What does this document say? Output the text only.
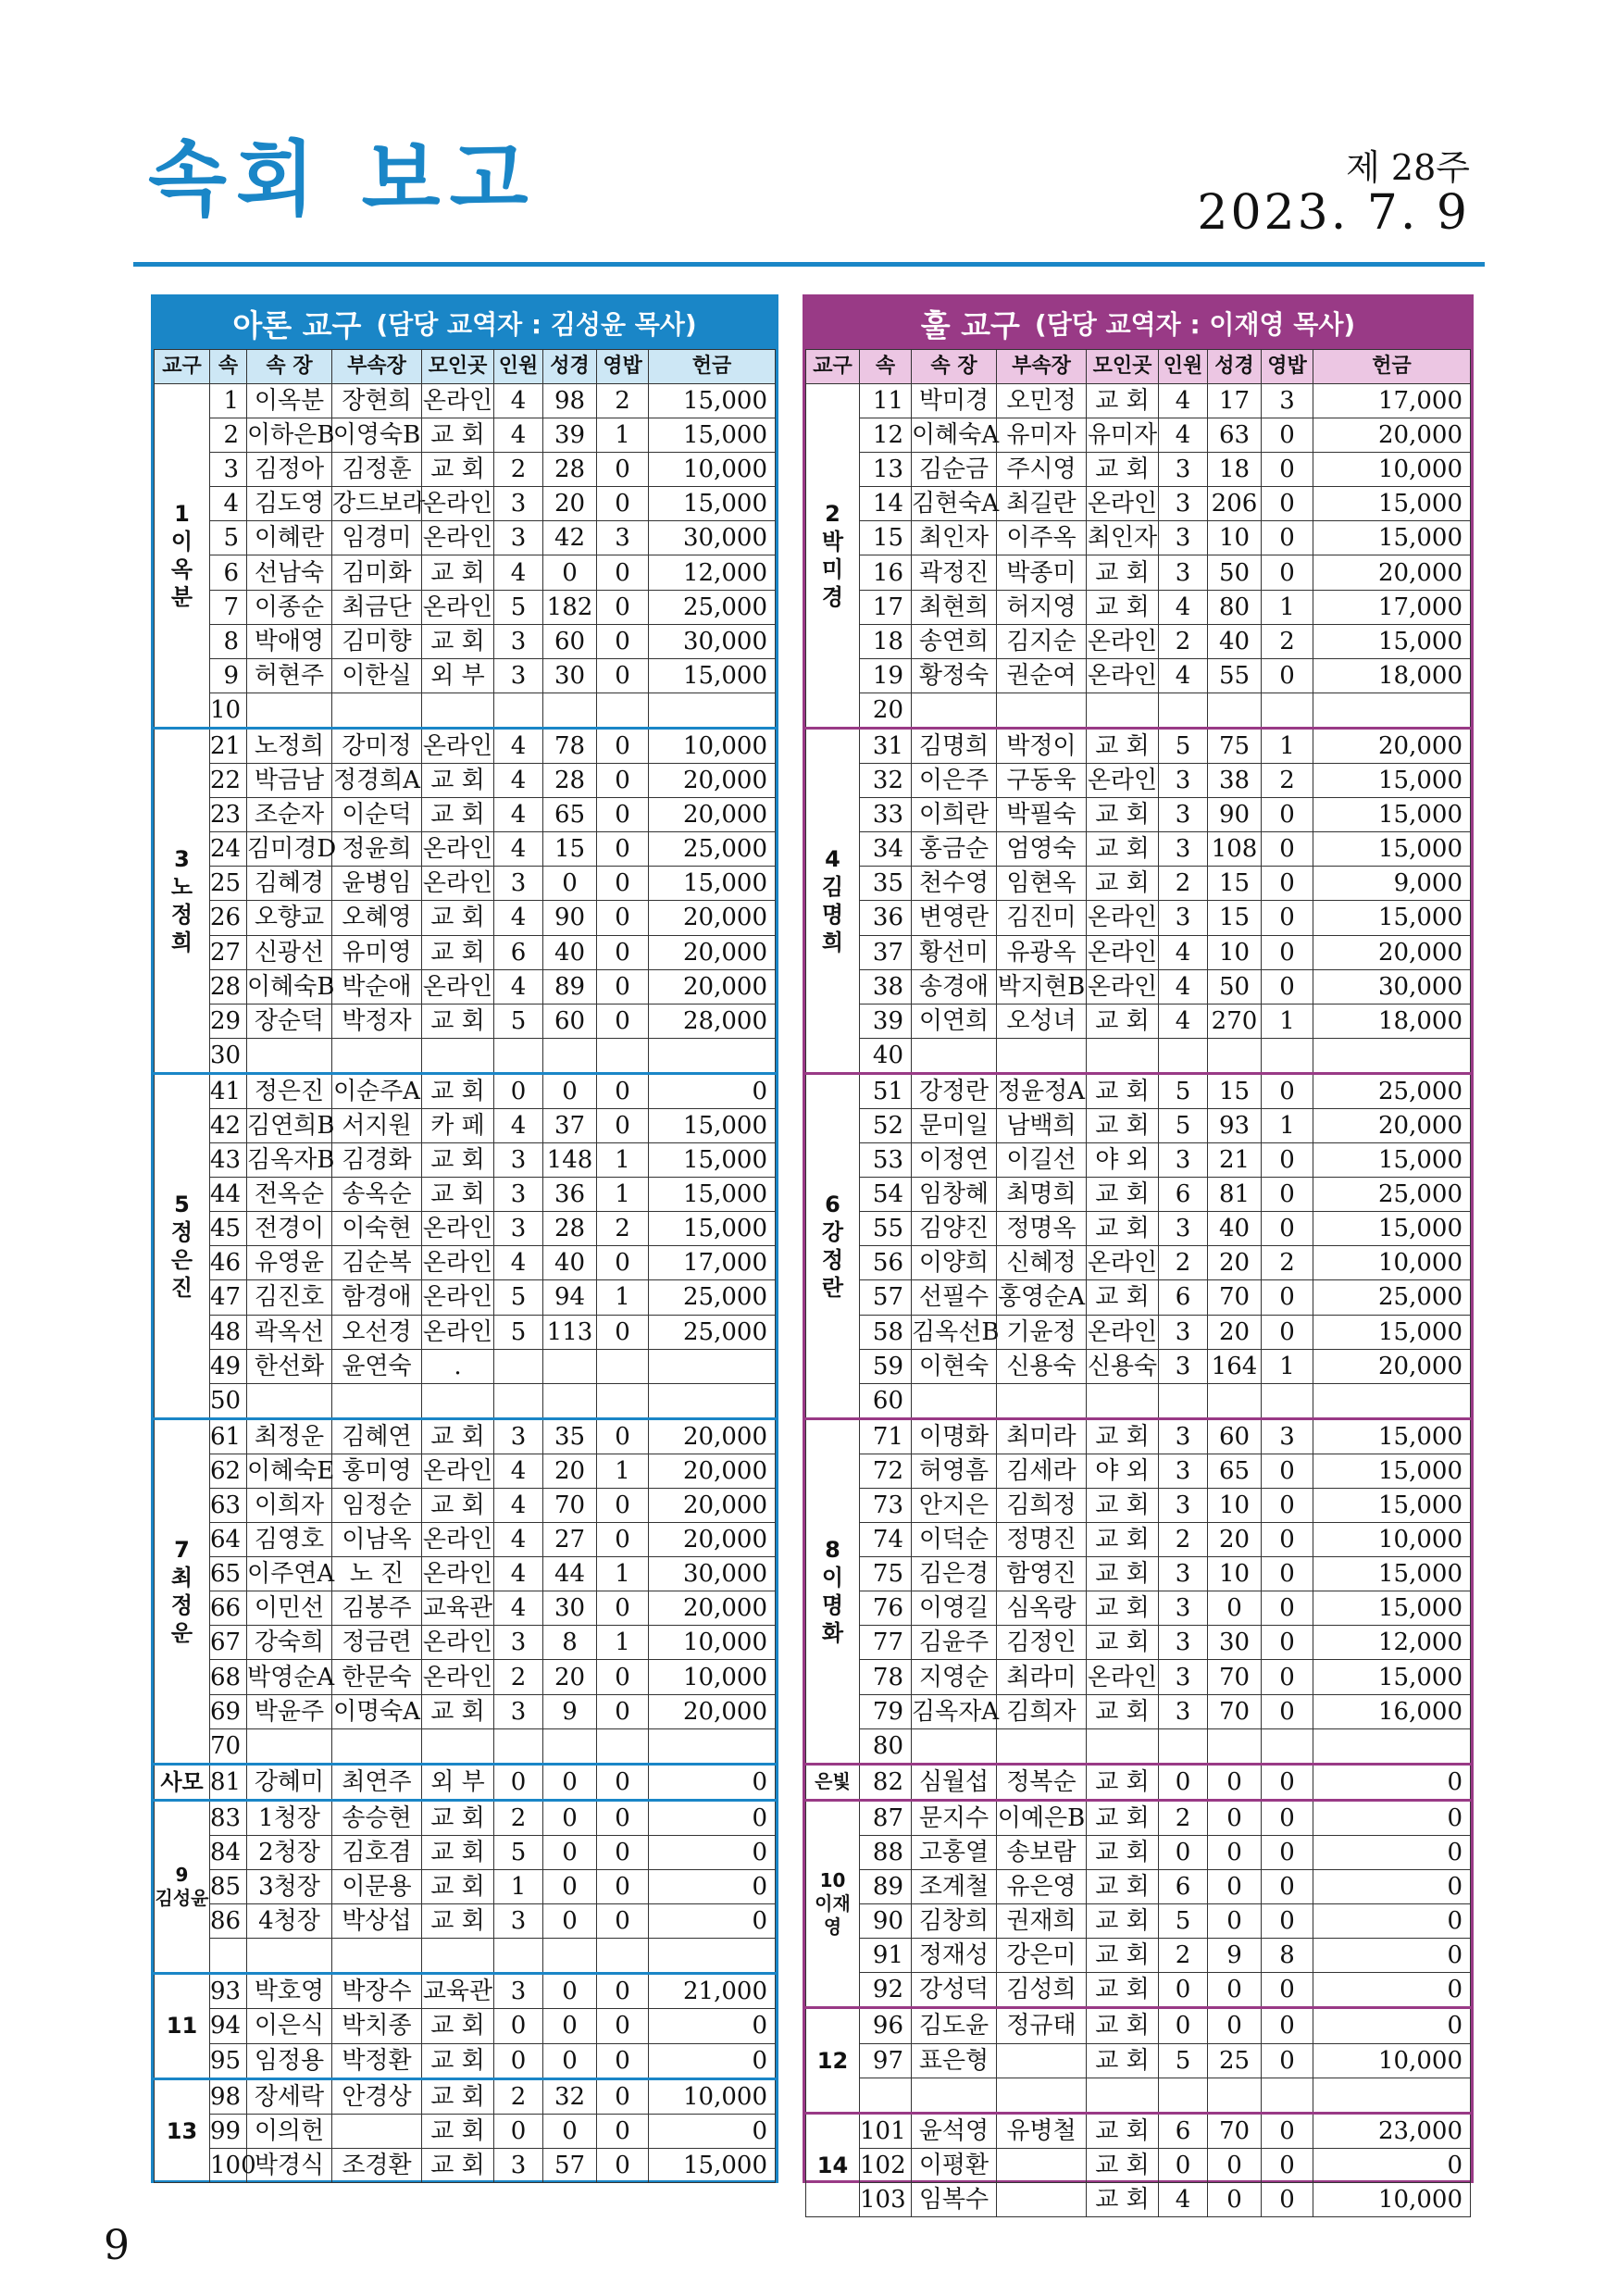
속회 보고	제 28주
2023. 7. 9
아론 교구 (담당 교역자 : 김성윤 목사)
교구	속	속 장	부속장	모인곳	인원	성경	영밥	헌금

1
이
옥
분	1	이옥분	장현희	온라인	4	98	2	15,000
	2	이하은B	이영숙B	교 회	4	39	1	15,000
	3	김정아	김정훈	교 회	2	28	0	10,000
	4	김도영	강드보라	온라인	3	20	0	15,000
	5	이혜란	임경미	온라인	3	42	3	30,000
	6	선남숙	김미화	교 회	4	0	0	12,000
	7	이종순	최금단	온라인	5	182	0	25,000
	8	박애영	김미향	교 회	3	60	0	30,000
	9	허현주	이한실	외 부	3	30	0	15,000
	10							

3
노
정
희	21	노정희	강미정	온라인	4	78	0	10,000
	22	박금남	정경희A	교 회	4	28	0	20,000
	23	조순자	이순덕	교 회	4	65	0	20,000
	24	김미경D	정윤희	온라인	4	15	0	25,000
	25	김혜경	윤병임	온라인	3	0	0	15,000
	26	오향교	오혜영	교 회	4	90	0	20,000
	27	신광선	유미영	교 회	6	40	0	20,000
	28	이혜숙B	박순애	온라인	4	89	0	20,000
	29	장순덕	박정자	교 회	5	60	0	28,000
	30							

5
정
은
진	41	정은진	이순주A	교 회	0	0	0	0
	42	김연희B	서지원	카 페	4	37	0	15,000
	43	김옥자B	김경화	교 회	3	148	1	15,000
	44	전옥순	송옥순	교 회	3	36	1	15,000
	45	전경이	이숙현	온라인	3	28	2	15,000
	46	유영윤	김순복	온라인	4	40	0	17,000
	47	김진호	함경애	온라인	5	94	1	25,000
	48	곽옥선	오선경	온라인	5	113	0	25,000
	49	한선화	윤연숙	.				
	50							

7
최
정
운	61	최정운	김혜연	교 회	3	35	0	20,000
	62	이혜숙E	홍미영	온라인	4	20	1	20,000
	63	이희자	임정순	교 회	4	70	0	20,000
	64	김영호	이남옥	온라인	4	27	0	20,000
	65	이주연A	노 진	온라인	4	44	1	30,000
	66	이민선	김봉주	교육관	4	30	0	20,000
	67	강숙희	정금련	온라인	3	8	1	10,000
	68	박영순A	한문숙	온라인	2	20	0	10,000
	69	박윤주	이명숙A	교 회	3	9	0	20,000
	70							

사모	81	강혜미	최연주	외 부	0	0	0	0

9
김성윤	83	1청장	송승현	교 회	2	0	0	0
	84	2청장	김호겸	교 회	5	0	0	0
	85	3청장	이문용	교 회	1	0	0	0
	86	4청장	박상섭	교 회	3	0	0	0

11	93	박호영	박장수	교육관	3	0	0	21,000
	94	이은식	박치종	교 회	0	0	0	0
	95	임정용	박정환	교 회	0	0	0	0

13	98	장세락	안경상	교 회	2	32	0	10,000
	99	이의헌		교 회	0	0	0	0
	100	박경식	조경환	교 회	3	57	0	15,000
훌 교구 (담당 교역자 : 이재영 목사)
교구	속	속 장	부속장	모인곳	인원	성경	영밥	헌금

2
박
미
경	11	박미경	오민정	교 회	4	17	3	17,000
	12	이혜숙A	유미자	유미자	4	63	0	20,000
	13	김순금	주시영	교 회	3	18	0	10,000
	14	김현숙A	최길란	온라인	3	206	0	15,000
	15	최인자	이주옥	최인자	3	10	0	15,000
	16	곽정진	박종미	교 회	3	50	0	20,000
	17	최현희	허지영	교 회	4	80	1	17,000
	18	송연희	김지순	온라인	2	40	2	15,000
	19	황정숙	권순여	온라인	4	55	0	18,000
	20							

4
김
명
희	31	김명희	박정이	교 회	5	75	1	20,000
	32	이은주	구동욱	온라인	3	38	2	15,000
	33	이희란	박필숙	교 회	3	90	0	15,000
	34	홍금순	엄영숙	교 회	3	108	0	15,000
	35	천수영	임현옥	교 회	2	15	0	9,000
	36	변영란	김진미	온라인	3	15	0	15,000
	37	황선미	유광옥	온라인	4	10	0	20,000
	38	송경애	박지현B	온라인	4	50	0	30,000
	39	이연희	오성녀	교 회	4	270	1	18,000
	40							

6
강
정
란	51	강정란	정윤정A	교 회	5	15	0	25,000
	52	문미일	남백희	교 회	5	93	1	20,000
	53	이정연	이길선	야 외	3	21	0	15,000
	54	임창혜	최명희	교 회	6	81	0	25,000
	55	김양진	정명옥	교 회	3	40	0	15,000
	56	이양희	신혜정	온라인	2	20	2	10,000
	57	선필수	홍영순A	교 회	6	70	0	25,000
	58	김옥선B	기윤정	온라인	3	20	0	15,000
	59	이현숙	신용숙	신용숙	3	164	1	20,000
	60							

8
이
명
화	71	이명화	최미라	교 회	3	60	3	15,000
	72	허영흠	김세라	야 외	3	65	0	15,000
	73	안지은	김희정	교 회	3	10	0	15,000
	74	이덕순	정명진	교 회	2	20	0	10,000
	75	김은경	함영진	교 회	3	10	0	15,000
	76	이영길	심옥랑	교 회	3	0	0	15,000
	77	김윤주	김정인	교 회	3	30	0	12,000
	78	지영순	최라미	온라인	3	70	0	15,000
	79	김옥자A	김희자	교 회	3	70	0	16,000
	80							

은빛	82	심월섭	정복순	교 회	0	0	0	0

10
이재영	87	문지수	이예은B	교 회	2	0	0	0
	88	고홍열	송보람	교 회	0	0	0	0
	89	조계철	유은영	교 회	6	0	0	0
	90	김창희	권재희	교 회	5	0	0	0
	91	정재성	강은미	교 회	2	9	8	0
	92	강성덕	김성희	교 회	0	0	0	0

12	96	김도윤	정규태	교 회	0	0	0	0
	97	표은형		교 회	5	25	0	10,000

14	101	윤석영	유병철	교 회	6	70	0	23,000
	102	이평환		교 회	0	0	0	0
	103	임복수		교 회	4	0	0	10,000
9
